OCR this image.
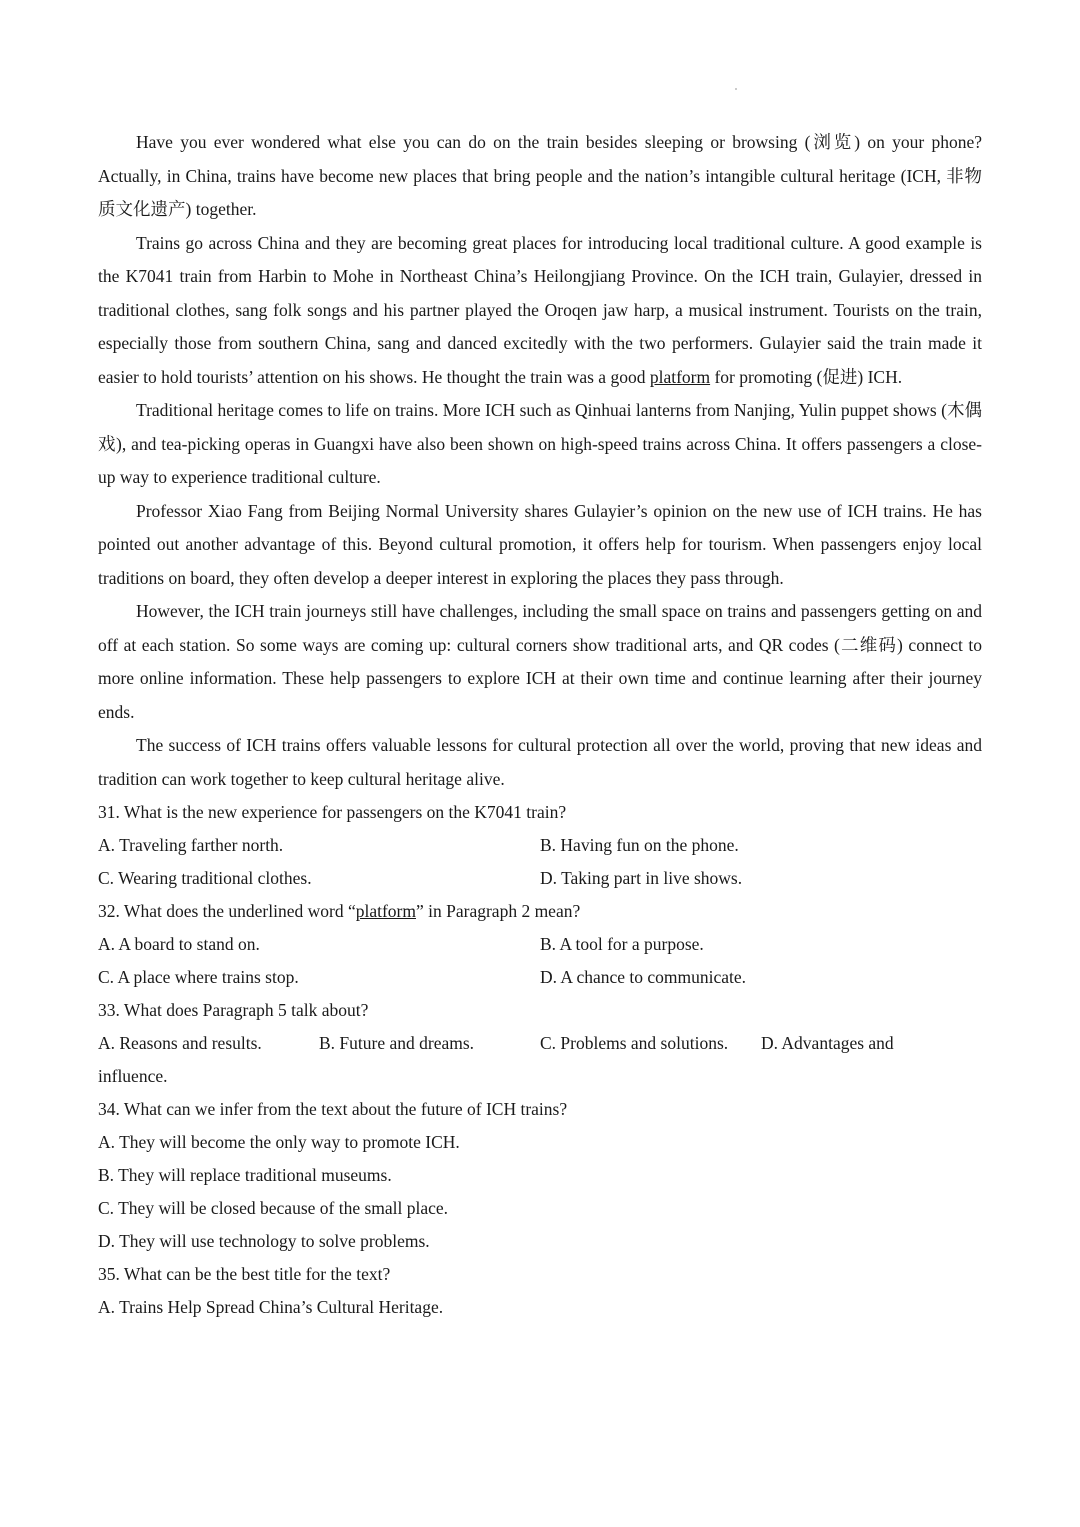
Have you ever wondered what else you can do on the train besides sleeping or browsing (浏览) on your phone? Actually, in China, trains have become new places that bring people and the nation’s intangible cultural heritage (ICH, 非物质文化遗产) together.

Trains go across China and they are becoming great places for introducing local traditional culture. A good example is the K7041 train from Harbin to Mohe in Northeast China’s Heilongjiang Province. On the ICH train, Gulayier, dressed in traditional clothes, sang folk songs and his partner played the Oroqen jaw harp, a musical instrument. Tourists on the train, especially those from southern China, sang and danced excitedly with the two performers. Gulayier said the train made it easier to hold tourists’ attention on his shows. He thought the train was a good platform for promoting (促进) ICH.

Traditional heritage comes to life on trains. More ICH such as Qinhuai lanterns from Nanjing, Yulin puppet shows (木偶戏), and tea-picking operas in Guangxi have also been shown on high-speed trains across China. It offers passengers a close-up way to experience traditional culture.

Professor Xiao Fang from Beijing Normal University shares Gulayier’s opinion on the new use of ICH trains. He has pointed out another advantage of this. Beyond cultural promotion, it offers help for tourism. When passengers enjoy local traditions on board, they often develop a deeper interest in exploring the places they pass through.

However, the ICH train journeys still have challenges, including the small space on trains and passengers getting on and off at each station. So some ways are coming up: cultural corners show traditional arts, and QR codes (二维码) connect to more online information. These help passengers to explore ICH at their own time and continue learning after their journey ends.

The success of ICH trains offers valuable lessons for cultural protection all over the world, proving that new ideas and tradition can work together to keep cultural heritage alive.

31. What is the new experience for passengers on the K7041 train?

A. Traveling farther north.	B. Having fun on the phone.
C. Wearing traditional clothes.	D. Taking part in live shows.

32. What does the underlined word “platform” in Paragraph 2 mean?

A. A board to stand on.	B. A tool for a purpose.
C. A place where trains stop.	D. A chance to communicate.

33. What does Paragraph 5 talk about?

A. Reasons and results.	B. Future and dreams.	C. Problems and solutions. D. Advantages and

influence.

34. What can we infer from the text about the future of ICH trains?

A. They will become the only way to promote ICH.

B. They will replace traditional museums.

C. They will be closed because of the small place.

D. They will use technology to solve problems.

35. What can be the best title for the text?

A. Trains Help Spread China’s Cultural Heritage.
